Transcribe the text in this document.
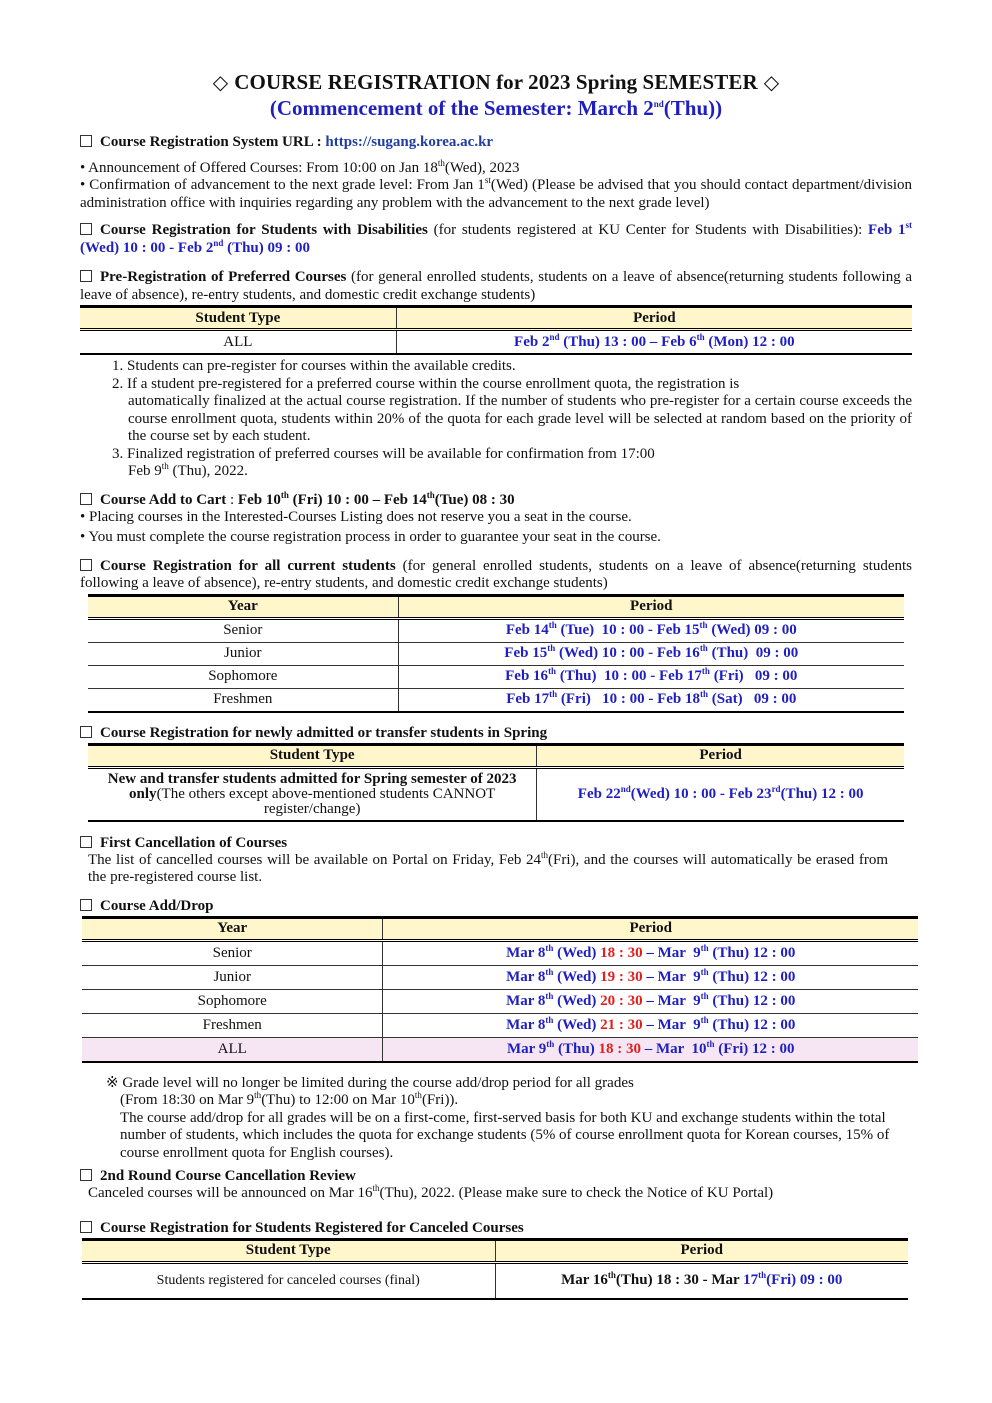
◇ COURSE REGISTRATION for 2023 Spring SEMESTER ◇
(Commencement of the Semester: March 2nd(Thu))
Course Registration System URL : https://sugang.korea.ac.kr
• Announcement of Offered Courses: From 10:00 on Jan 18th(Wed), 2023
• Confirmation of advancement to the next grade level: From Jan 1st(Wed) (Please be advised that you should contact department/division administration office with inquiries regarding any problem with the advancement to the next grade level)
Course Registration for Students with Disabilities (for students registered at KU Center for Students with Disabilities): Feb 1st (Wed) 10 : 00 - Feb 2nd (Thu) 09 : 00
Pre-Registration of Preferred Courses (for general enrolled students, students on a leave of absence(returning students following a leave of absence), re-entry students, and domestic credit exchange students)
Student Type	Period
ALL	Feb 2nd (Thu) 13 : 00 – Feb 6th (Mon) 12 : 00
1. Students can pre-register for courses within the available credits.
2. If a student pre-registered for a preferred course within the course enrollment quota, the registration is
automatically finalized at the actual course registration. If the number of students who pre-register for a certain course exceeds the course enrollment quota, students within 20% of the quota for each grade level will be selected at random based on the priority of the course set by each student.
3. Finalized registration of preferred courses will be available for confirmation from 17:00
Feb 9th (Thu), 2022.
Course Add to Cart : Feb 10th (Fri) 10 : 00 – Feb 14th(Tue) 08 : 30
• Placing courses in the Interested-Courses Listing does not reserve you a seat in the course.
• You must complete the course registration process in order to guarantee your seat in the course.
Course Registration for all current students (for general enrolled students, students on a leave of absence(returning students following a leave of absence), re-entry students, and domestic credit exchange students)
Year	Period
Senior	Feb 14th (Tue)  10 : 00 - Feb 15th (Wed) 09 : 00
Junior	Feb 15th (Wed) 10 : 00 - Feb 16th (Thu)  09 : 00
Sophomore	Feb 16th (Thu)  10 : 00 - Feb 17th (Fri)   09 : 00
Freshmen	Feb 17th (Fri)   10 : 00 - Feb 18th (Sat)   09 : 00
Course Registration for newly admitted or transfer students in Spring
Student Type	Period
New and transfer students admitted for Spring semester of 2023 only(The others except above-mentioned students CANNOT register/change)	Feb 22nd(Wed) 10 : 00 - Feb 23rd(Thu) 12 : 00
First Cancellation of Courses
The list of cancelled courses will be available on Portal on Friday, Feb 24th(Fri), and the courses will automatically be erased from the pre-registered course list.
Course Add/Drop
Year	Period
Senior	Mar 8th (Wed) 18 : 30 – Mar  9th (Thu) 12 : 00
Junior	Mar 8th (Wed) 19 : 30 – Mar  9th (Thu) 12 : 00
Sophomore	Mar 8th (Wed) 20 : 30 – Mar  9th (Thu) 12 : 00
Freshmen	Mar 8th (Wed) 21 : 30 – Mar  9th (Thu) 12 : 00
ALL	Mar 9th (Thu) 18 : 30 – Mar  10th (Fri) 12 : 00
※ Grade level will no longer be limited during the course add/drop period for all grades
(From 18:30 on Mar 9th(Thu) to 12:00 on Mar 10th(Fri)).
The course add/drop for all grades will be on a first-come, first-served basis for both KU and exchange students within the total number of students, which includes the quota for exchange students (5% of course enrollment quota for Korean courses, 15% of course enrollment quota for English courses).
2nd Round Course Cancellation Review
Canceled courses will be announced on Mar 16th(Thu), 2022. (Please make sure to check the Notice of KU Portal)
Course Registration for Students Registered for Canceled Courses
Student Type	Period
Students registered for canceled courses (final)	Mar 16th(Thu) 18 : 30 - Mar 17th(Fri) 09 : 00
